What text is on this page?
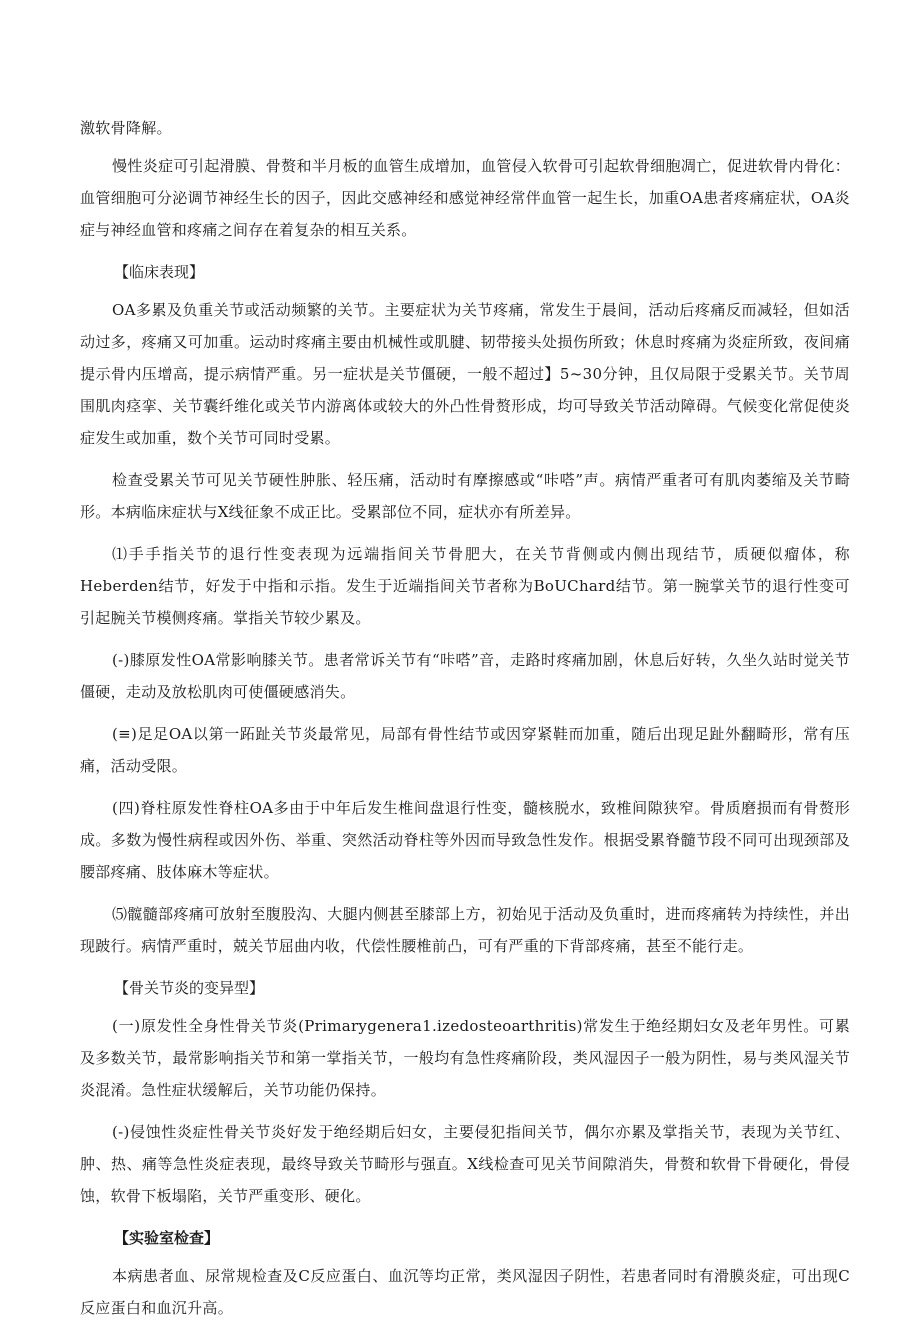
激软骨降解。

慢性炎症可引起滑膜、骨赘和半月板的血管生成增加，血管侵入软骨可引起软骨细胞凋亡，促进软骨内骨化：血管细胞可分泌调节神经生长的因子，因此交感神经和感觉神经常伴血管一起生长，加重OA患者疼痛症状，OA炎症与神经血管和疼痛之间存在着复杂的相互关系。

【临床表现】

OA多累及负重关节或活动频繁的关节。主要症状为关节疼痛，常发生于晨间，活动后疼痛反而减轻，但如活动过多，疼痛又可加重。运动时疼痛主要由机械性或肌腱、韧带接头处损伤所致；休息时疼痛为炎症所致，夜间痛提示骨内压增高，提示病情严重。另一症状是关节僵硬，一般不超过】5~30分钟，且仅局限于受累关节。关节周围肌肉痉挛、关节囊纤维化或关节内游离体或较大的外凸性骨赘形成，均可导致关节活动障碍。气候变化常促使炎症发生或加重，数个关节可同时受累。

检查受累关节可见关节硬性肿胀、轻压痛，活动时有摩擦感或“咔嗒”声。病情严重者可有肌肉萎缩及关节畸形。本病临床症状与X线征象不成正比。受累部位不同，症状亦有所差异。

⑴手手指关节的退行性变表现为远端指间关节骨肥大，在关节背侧或内侧出现结节，质硬似瘤体，称Heberden结节，好发于中指和示指。发生于近端指间关节者称为BoUChard结节。第一腕掌关节的退行性变可引起腕关节模侧疼痛。掌指关节较少累及。

(-)膝原发性OA常影响膝关节。患者常诉关节有“咔嗒”音，走路时疼痛加剧，休息后好转，久坐久站时觉关节僵硬，走动及放松肌肉可使僵硬感消失。

(≡)足足OA以第一跖趾关节炎最常见，局部有骨性结节或因穿紧鞋而加重，随后出现足趾外翻畸形，常有压痛，活动受限。

(四)脊柱原发性脊柱OA多由于中年后发生椎间盘退行性变，髓核脱水，致椎间隙狭窄。骨质磨损而有骨赘形成。多数为慢性病程或因外伤、举重、突然活动脊柱等外因而导致急性发作。根据受累脊髓节段不同可出现颈部及腰部疼痛、肢体麻木等症状。

⑸髋髓部疼痛可放射至腹股沟、大腿内侧甚至膝部上方，初始见于活动及负重时，进而疼痛转为持续性，并出现跛行。病情严重时，兢关节屈曲内收，代偿性腰椎前凸，可有严重的下背部疼痛，甚至不能行走。

【骨关节炎的变异型】

(一)原发性全身性骨关节炎(Primarygenera1.izedosteoarthritis)常发生于绝经期妇女及老年男性。可累及多数关节，最常影响指关节和第一掌指关节，一般均有急性疼痛阶段，类风湿因子一般为阴性，易与类风湿关节炎混淆。急性症状缓解后，关节功能仍保持。

(-)侵蚀性炎症性骨关节炎好发于绝经期后妇女，主要侵犯指间关节，偶尔亦累及掌指关节，表现为关节红、肿、热、痛等急性炎症表现，最终导致关节畸形与强直。X线检查可见关节间隙消失，骨赘和软骨下骨硬化，骨侵蚀，软骨下板塌陷，关节严重变形、硬化。

【实验室检查】

本病患者血、尿常规检查及C反应蛋白、血沉等均正常，类风湿因子阴性，若患者同时有滑膜炎症，可出现C反应蛋白和血沉升高。
